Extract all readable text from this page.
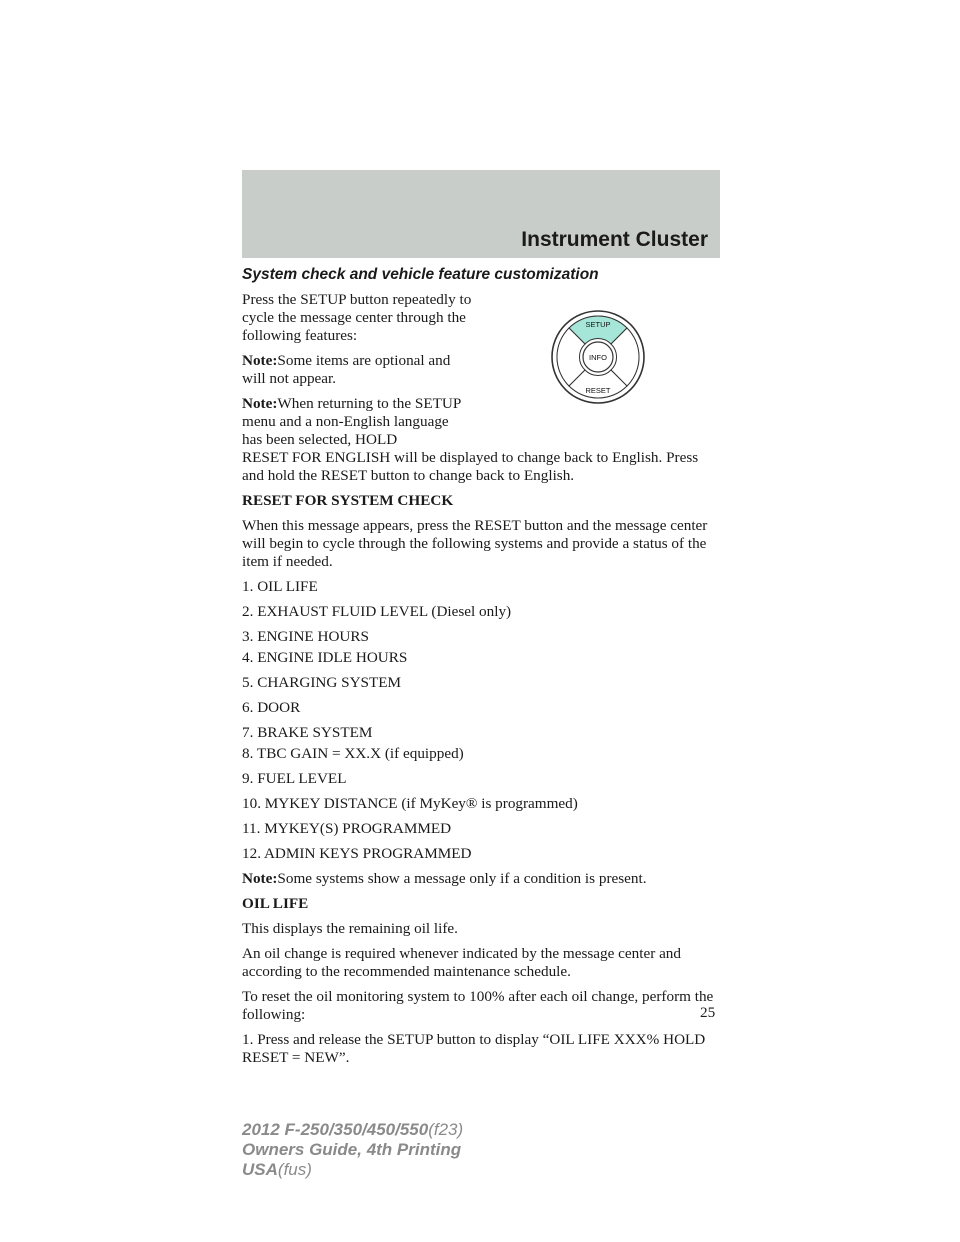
Instrument Cluster
SETUP
INFO
RESET
System check and vehicle feature customization
Press the SETUP button repeatedly to cycle the message center through the following features:
Note:Some items are optional and will not appear.
Note:When returning to the SETUP menu and a non-English language has been selected, HOLD
RESET FOR ENGLISH will be displayed to change back to English. Press and hold the RESET button to change back to English.
RESET FOR SYSTEM CHECK
When this message appears, press the RESET button and the message center will begin to cycle through the following systems and provide a status of the item if needed.
1. OIL LIFE
2. EXHAUST FLUID LEVEL (Diesel only)
3. ENGINE HOURS
4. ENGINE IDLE HOURS
5. CHARGING SYSTEM
6. DOOR
7. BRAKE SYSTEM
8. TBC GAIN = XX.X (if equipped)
9. FUEL LEVEL
10. MYKEY DISTANCE (if MyKey® is programmed)
11. MYKEY(S) PROGRAMMED
12. ADMIN KEYS PROGRAMMED
Note:Some systems show a message only if a condition is present.
OIL LIFE
This displays the remaining oil life.
An oil change is required whenever indicated by the message center and according to the recommended maintenance schedule.
To reset the oil monitoring system to 100% after each oil change, perform the following:
1. Press and release the SETUP button to display “OIL LIFE XXX% HOLD RESET = NEW”.
25
2012 F-250/350/450/550(f23)
Owners Guide, 4th Printing
USA(fus)
